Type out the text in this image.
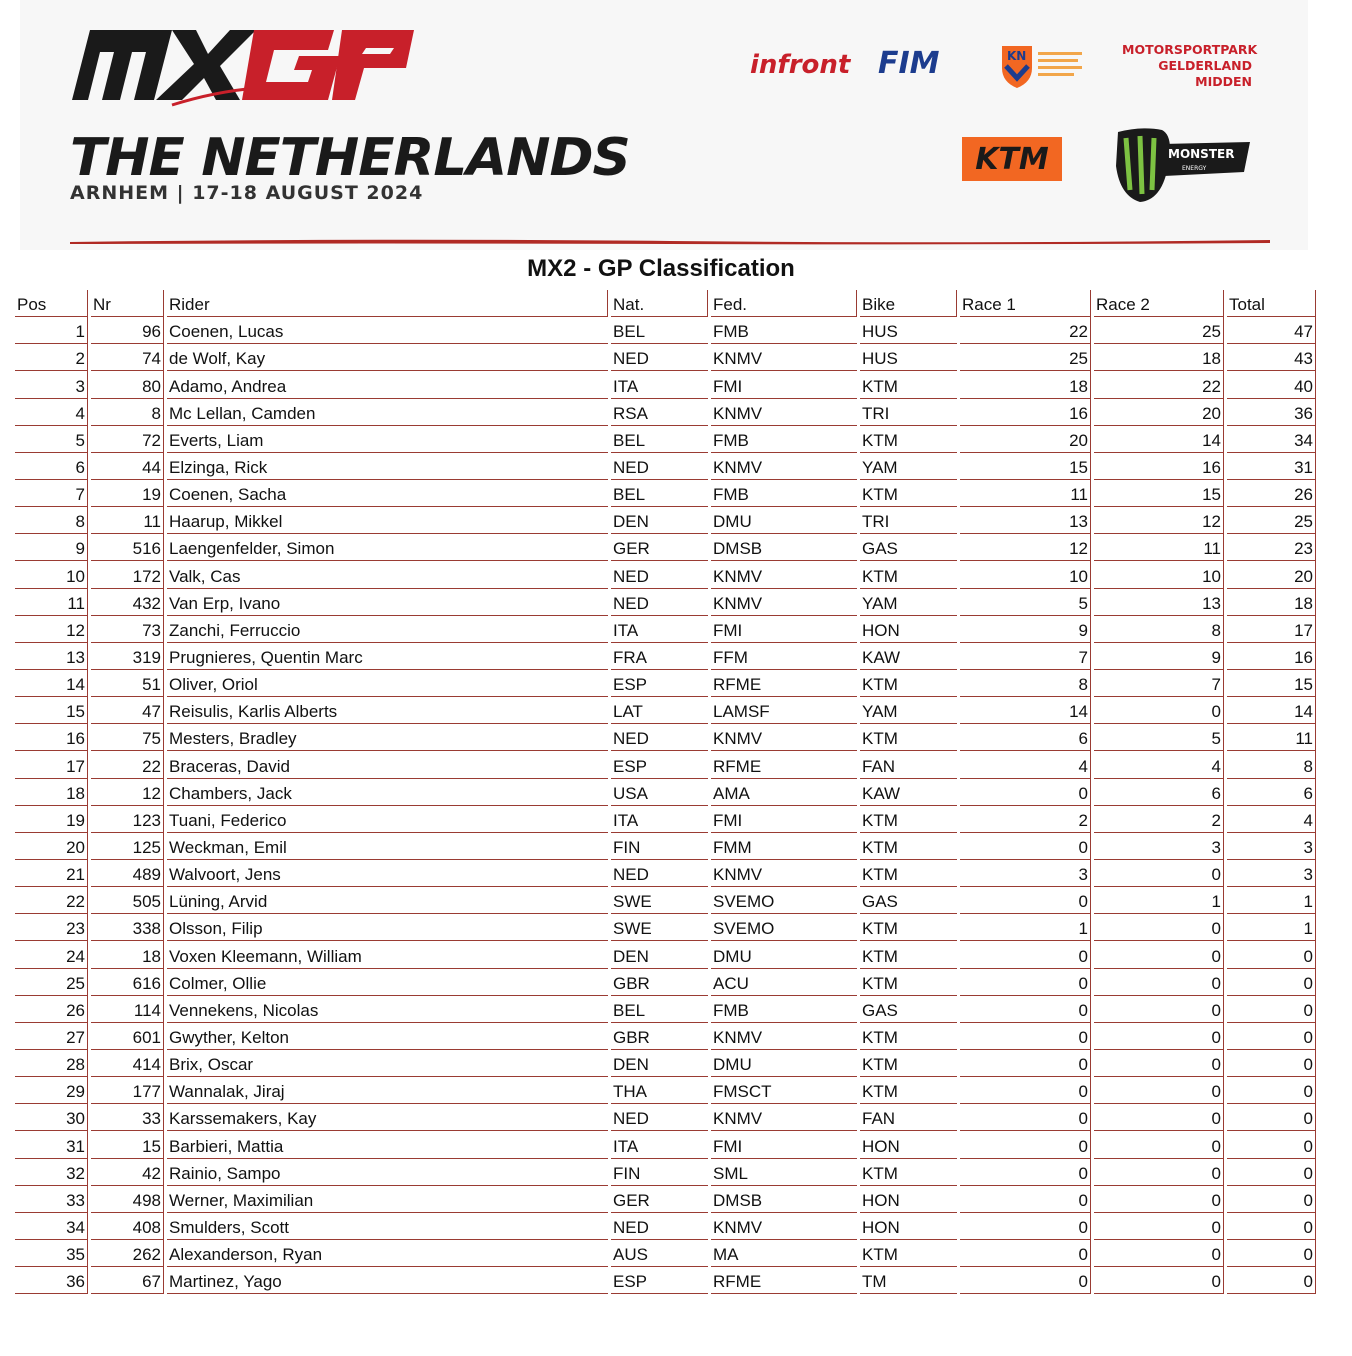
THE NETHERLANDS
ARNHEM | 17-18 AUGUST 2024
infront FIM	KN	MOTORSPORTPARK
GELDERLAND
MIDDEN
KTM	MONSTER
ENERGY
MX2 - GP Classification
Pos	Nr	Rider	Nat.	Fed.	Bike	Race 1	Race 2	Total
1	96	Coenen, Lucas	BEL	FMB	HUS	22	25	47
2	74	de Wolf, Kay	NED	KNMV	HUS	25	18	43
3	80	Adamo, Andrea	ITA	FMI	KTM	18	22	40
4	8	Mc Lellan, Camden	RSA	KNMV	TRI	16	20	36
5	72	Everts, Liam	BEL	FMB	KTM	20	14	34
6	44	Elzinga, Rick	NED	KNMV	YAM	15	16	31
7	19	Coenen, Sacha	BEL	FMB	KTM	11	15	26
8	11	Haarup, Mikkel	DEN	DMU	TRI	13	12	25
9	516	Laengenfelder, Simon	GER	DMSB	GAS	12	11	23
10	172	Valk, Cas	NED	KNMV	KTM	10	10	20
11	432	Van Erp, Ivano	NED	KNMV	YAM	5	13	18
12	73	Zanchi, Ferruccio	ITA	FMI	HON	9	8	17
13	319	Prugnieres, Quentin Marc	FRA	FFM	KAW	7	9	16
14	51	Oliver, Oriol	ESP	RFME	KTM	8	7	15
15	47	Reisulis, Karlis Alberts	LAT	LAMSF	YAM	14	0	14
16	75	Mesters, Bradley	NED	KNMV	KTM	6	5	11
17	22	Braceras, David	ESP	RFME	FAN	4	4	8
18	12	Chambers, Jack	USA	AMA	KAW	0	6	6
19	123	Tuani, Federico	ITA	FMI	KTM	2	2	4
20	125	Weckman, Emil	FIN	FMM	KTM	0	3	3
21	489	Walvoort, Jens	NED	KNMV	KTM	3	0	3
22	505	Lüning, Arvid	SWE	SVEMO	GAS	0	1	1
23	338	Olsson, Filip	SWE	SVEMO	KTM	1	0	1
24	18	Voxen Kleemann, William	DEN	DMU	KTM	0	0	0
25	616	Colmer, Ollie	GBR	ACU	KTM	0	0	0
26	114	Vennekens, Nicolas	BEL	FMB	GAS	0	0	0
27	601	Gwyther, Kelton	GBR	KNMV	KTM	0	0	0
28	414	Brix, Oscar	DEN	DMU	KTM	0	0	0
29	177	Wannalak, Jiraj	THA	FMSCT	KTM	0	0	0
30	33	Karssemakers, Kay	NED	KNMV	FAN	0	0	0
31	15	Barbieri, Mattia	ITA	FMI	HON	0	0	0
32	42	Rainio, Sampo	FIN	SML	KTM	0	0	0
33	498	Werner, Maximilian	GER	DMSB	HON	0	0	0
34	408	Smulders, Scott	NED	KNMV	HON	0	0	0
35	262	Alexanderson, Ryan	AUS	MA	KTM	0	0	0
36	67	Martinez, Yago	ESP	RFME	TM	0	0	0
